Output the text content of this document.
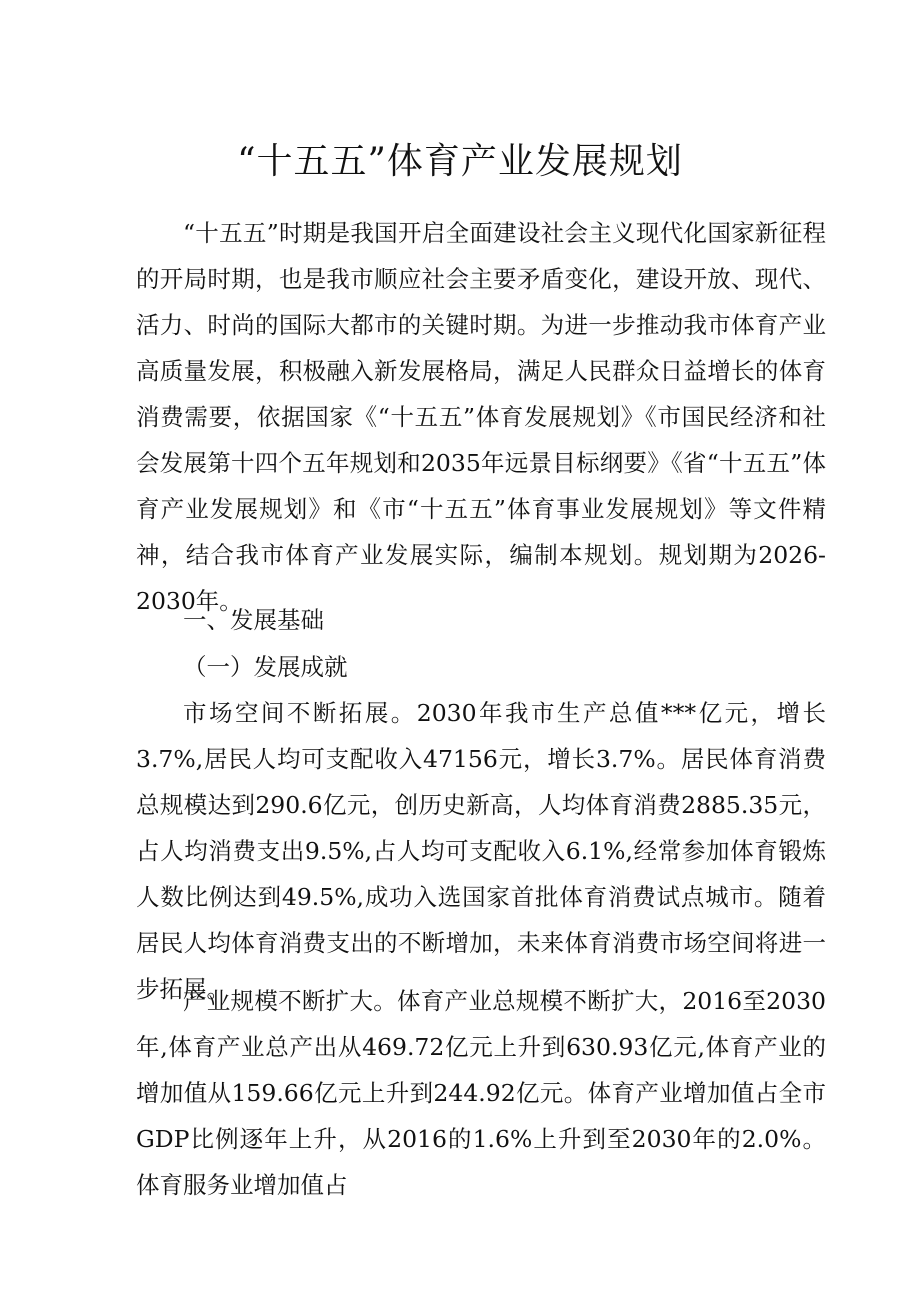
“十五五”体育产业发展规划

“十五五”时期是我国开启全面建设社会主义现代化国家新征程的开局时期，也是我市顺应社会主要矛盾变化，建设开放、现代、活力、时尚的国际大都市的关键时期。为进一步推动我市体育产业高质量发展，积极融入新发展格局，满足人民群众日益增长的体育消费需要，依据国家《“十五五”体育发展规划》《市国民经济和社会发展第十四个五年规划和2035年远景目标纲要》《省“十五五”体育产业发展规划》和《市“十五五”体育事业发展规划》等文件精神，结合我市体育产业发展实际，编制本规划。规划期为2026-2030年。

一、发展基础

（一）发展成就

市场空间不断拓展。2030年我市生产总值***亿元，增长3.7%,居民人均可支配收入47156元，增长3.7%。居民体育消费总规模达到290.6亿元，创历史新高，人均体育消费2885.35元，占人均消费支出9.5%,占人均可支配收入6.1%,经常参加体育锻炼人数比例达到49.5%,成功入选国家首批体育消费试点城市。随着居民人均体育消费支出的不断增加，未来体育消费市场空间将进一步拓展。

产业规模不断扩大。体育产业总规模不断扩大，2016至2030年,体育产业总产出从469.72亿元上升到630.93亿元,体育产业的增加值从159.66亿元上升到244.92亿元。体育产业增加值占全市GDP比例逐年上升，从2016的1.6%上升到至2030年的2.0%。体育服务业增加值占
